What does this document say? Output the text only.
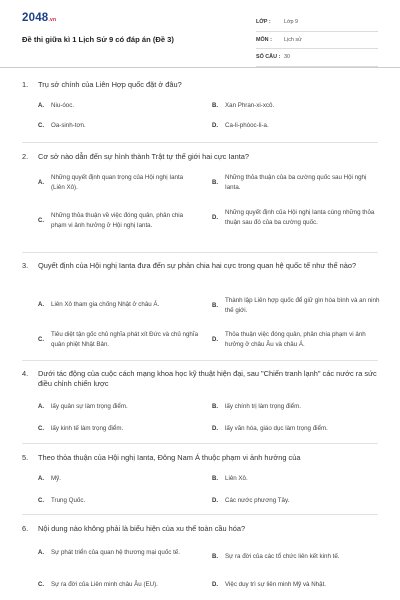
2048.vn
Đề thi giữa kì 1 Lịch Sử 9 có đáp án (Đề 3)
LỚP : Lớp 9
MÔN : Lịch sử
SỐ CÂU : 30
1. Trụ sở chính của Liên Hợp quốc đặt ở đâu?
A.	Niu-óoc.	B.	Xan Phran-xi-xcô.
C.	Oa-sinh-tơn.	D.	Ca-li-phóoc-li-a.
2. Cơ sở nào dẫn đến sự hình thành Trật tự thế giới hai cực Ianta?
A.
Những quyết định quan trọng của Hội nghị Ianta (Liên Xô).
B.
Những thỏa thuận của ba cường quốc sau Hội nghị Ianta.
C.
Những thỏa thuận về việc đóng quân, phân chia phạm vi ảnh hưởng ở Hội nghị Ianta.
D.
Những quyết định của Hội nghị Ianta cùng những thỏa thuận sau đó của ba cường quốc.
3. Quyết định của Hội nghị Ianta đưa đến sự phản chia hai cực trong quan hệ quốc tế như thế nào?
A.	Liên Xô tham gia chống Nhật ở châu Á.	B.
Thành lập Liên hợp quốc để giữ gìn hòa bình và an ninh thế giới.
C.
Tiêu diệt tận gốc chủ nghĩa phát xít Đức và chủ nghĩa quân phiệt Nhật Bản.
D.
Thỏa thuận việc đóng quân, phân chia phạm vi ảnh hưởng ở châu Âu và châu Á.
4. Dưới tác động của cuộc cách mạng khoa học kỹ thuật hiện đại, sau "Chiến tranh lạnh" các nước ra sức điều chỉnh chiến lược
A.	lấy quân sự làm trọng điểm.	B.	lấy chính trị làm trọng điểm.
C.	lấy kinh tế làm trọng điểm.	D.	lấy văn hóa, giáo dục làm trọng điểm.
5. Theo thỏa thuận của Hội nghị Ianta, Đông Nam Á thuộc phạm vi ảnh hưởng của
A.	Mỹ.	B.	Liên Xô.
C.	Trung Quốc.	D.	Các nước phương Tây.
6. Nội dung nào không phải là biểu hiện của xu thế toàn cầu hóa?
A.	Sự phát triển của quan hệ thương mại quốc tế.
B.	Sự ra đời của các tổ chức liên kết kinh tế.
C.	Sự ra đời của Liên minh châu Âu (EU).	D.	Việc duy trì sự liên minh Mỹ và Nhật.
